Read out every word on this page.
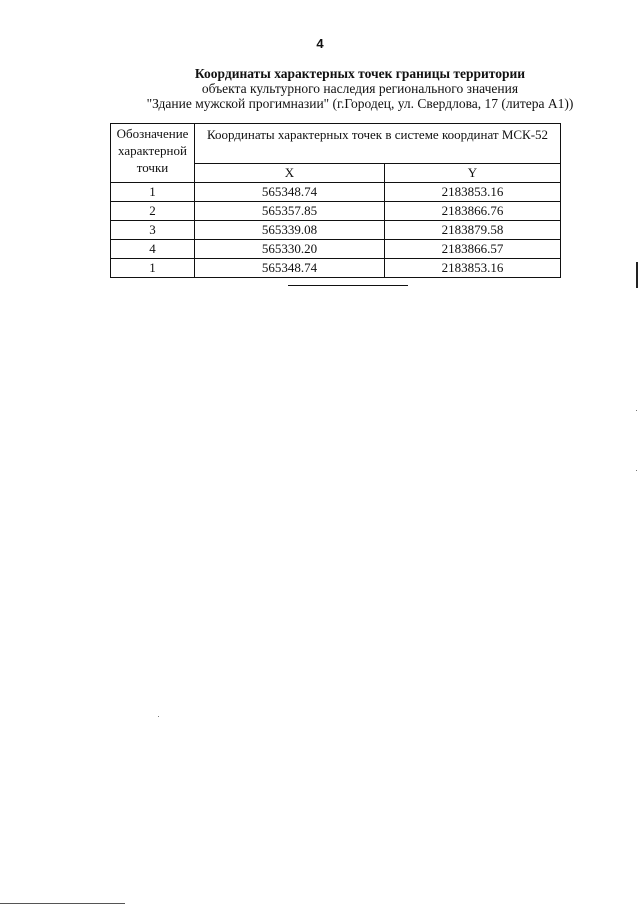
4
Координаты характерных точек границы территории
объекта культурного наследия регионального значения
"Здание мужской прогимназии" (г.Городец, ул. Свердлова, 17 (литера А1))
Обозначение характерной точки	Координаты характерных точек в системе координат МСК-52	
	X	Y
1	565348.74	2183853.16
2	565357.85	2183866.76
3	565339.08	2183879.58
4	565330.20	2183866.57
1	565348.74	2183853.16
